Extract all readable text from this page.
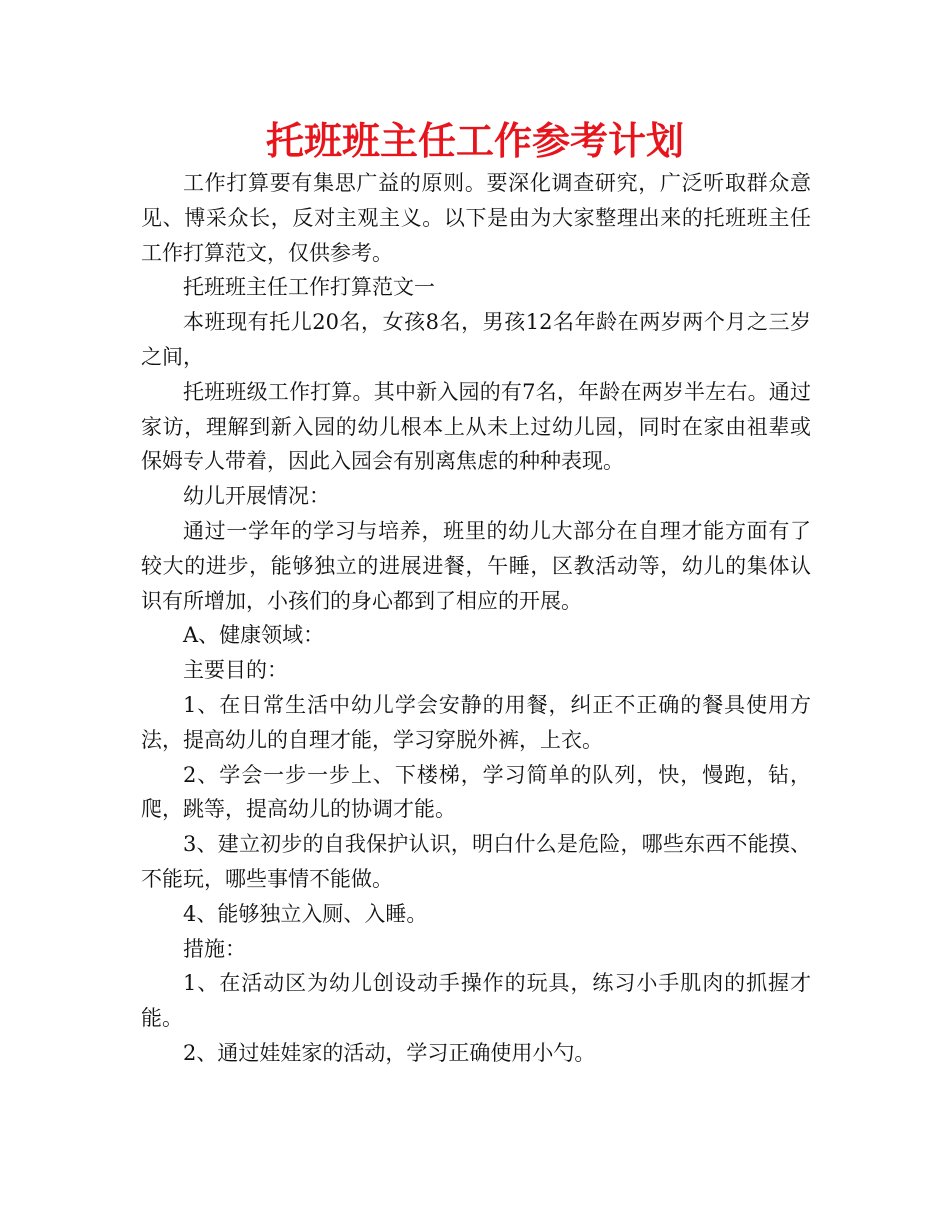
托班班主任工作参考计划

工作打算要有集思广益的原则。要深化调查研究，广泛听取群众意见、博采众长，反对主观主义。以下是由为大家整理出来的托班班主任工作打算范文，仅供参考。

托班班主任工作打算范文一

本班现有托儿20名，女孩8名，男孩12名年龄在两岁两个月之三岁之间，

托班班级工作打算。其中新入园的有7名，年龄在两岁半左右。通过家访，理解到新入园的幼儿根本上从未上过幼儿园，同时在家由祖辈或保姆专人带着，因此入园会有别离焦虑的种种表现。

幼儿开展情况：

通过一学年的学习与培养，班里的幼儿大部分在自理才能方面有了较大的进步，能够独立的进展进餐，午睡，区教活动等，幼儿的集体认识有所增加，小孩们的身心都到了相应的开展。

A、健康领域：

主要目的：

1、在日常生活中幼儿学会安静的用餐，纠正不正确的餐具使用方法，提高幼儿的自理才能，学习穿脱外裤，上衣。

2、学会一步一步上、下楼梯，学习简单的队列，快，慢跑，钻，爬，跳等，提高幼儿的协调才能。

3、建立初步的自我保护认识，明白什么是危险，哪些东西不能摸、不能玩，哪些事情不能做。

4、能够独立入厕、入睡。

措施：

1、在活动区为幼儿创设动手操作的玩具，练习小手肌肉的抓握才能。

2、通过娃娃家的活动，学习正确使用小勺。
